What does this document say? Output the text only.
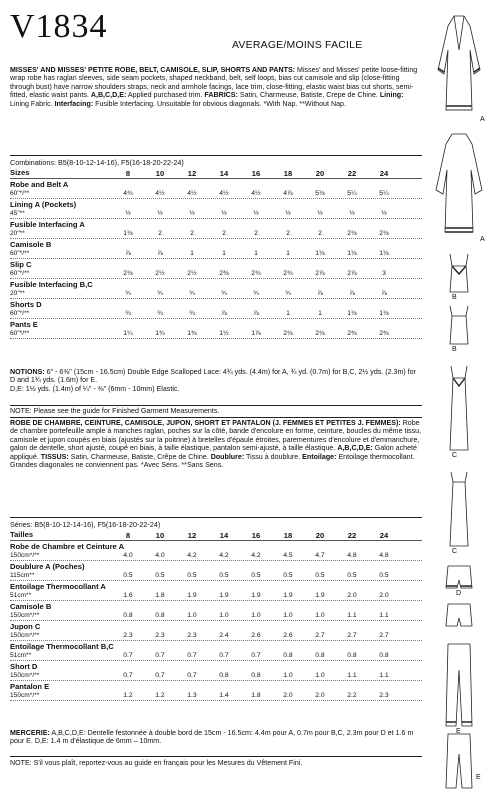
V1834	AVERAGE/MOINS FACILE
MISSES' AND MISSES' PETITE ROBE, BELT, CAMISOLE, SLIP, SHORTS AND PANTS: Misses' and Misses' petite loose-fitting wrap robe has raglan sleeves, side seam pockets, shaped neckband, belt, self loops, bias cut camisole and slip (close-fitting through bust) have narrow shoulders straps, neck and armhole facings, lace trim, close-fitting, elastic waist bias cut shorts, semi-fitted, elastic waist pants. A,B,C,D,E: Applied purchased trim. FABRICS: Satin, Charmeuse, Batiste, Crepe de Chine. Lining: Lining Fabric. Interfacing: Fusible Interfacing. Unsuitable for obvious diagonals. *With Nap. **Without Nap.
Combinations: B5(8-10-12-14-16), F5(16-18-20-22-24)
Sizes	8	10	12	14	16	18	20	22	24
Robe and Belt A
60"*/**	4¾	4½	4½	4½	4½	4⅞	5⅛	5¼	5¼
Lining A (Pockets)
45"**	½	½	½	½	½	½	½	½	½
Fusible Interfacing A
20"**	1⅛	2	2	2	2	2	2	2⅛	2⅛
Camisole B
60"*/**	⅞	⅞	1	1	1	1	1⅛	1⅛	1⅛
Slip C
60"*/**	2⅛	2½	2½	2⅜	2¾	2¾	2⅞	2⅞	3
Fusible Interfacing B,C
20"**	¾	¾	¾	¾	¾	¾	⅞	⅞	⅞
Shorts D
60"*/**	¾	¾	¾	⅞	⅞	1	1	1⅛	1⅛
Pants E
60"*/**	1¼	1¾	1⅜	1½	1⅞	2⅛	2⅛	2⅜	2⅜
NOTIONS: 6" - 6⅜" (15cm - 16.5cm) Double Edge Scalloped Lace: 4¾ yds. (4.4m) for A, ¾ yd. (0.7m) for B,C, 2½ yds. (2.3m) for D and 1¾ yds. (1.6m) for E.
D,E: 1½ yds. (1.4m) of ¼" - ⅜" (6mm - 10mm) Elastic.
NOTE: Please see the guide for Finished Garment Measurements.
ROBE DE CHAMBRE, CEINTURE, CAMISOLE, JUPON, SHORT ET PANTALON (J. FEMMES ET PETITES J. FEMMES): Robe de chambre portefeuille ample à manches raglan, poches sur la côté, bande d'encolure en forme, ceinture, boucles du même tissu, camisole et jupon coupés en biais (ajustés sur la poitrine) à bretelles d'épaule étroites, parementures d'encolure et d'emmanchure, galon de dentelle, short ajusté, coupé en biais, à taille élastique, pantalon semi-ajusté, à taille élastique. A,B,C,D,E: Galon acheté appliqué. TISSUS: Satin, Charmeuse, Batiste, Crêpe de Chine. Doublure: Tissu à doublure. Entoilage: Entoilage thermocollant. Grandes diagonales ne conviennent pas. *Avec Sens. **Sans Sens.
Séries: B5(8-10-12-14-16), F5(16-18-20-22-24)
Tailles	8	10	12	14	16	18	20	22	24
Robe de Chambre et Ceinture A
150cm*/**	4.0	4.0	4.2	4.2	4.2	4.5	4.7	4.8	4.8
Doublure A (Poches)
115cm**	0.5	0.5	0.5	0.5	0.5	0.5	0.5	0.5	0.5
Entoilage Thermocollant A
51cm**	1.6	1.8	1.9	1.9	1.9	1.9	1.9	2.0	2.0
Camisole B
150cm*/**	0.8	0.8	1.0	1.0	1.0	1.0	1.0	1.1	1.1
Jupon C
150cm*/**	2.3	2.3	2.3	2.4	2.6	2.6	2.7	2.7	2.7
Entoilage Thermocollant B,C
51cm**	0.7	0.7	0.7	0.7	0.7	0.8	0.8	0.8	0.8
Short D
150cm*/**	0.7	0.7	0.7	0.8	0.8	1.0	1.0	1.1	1.1
Pantalon E
150cm*/**	1.2	1.2	1.3	1.4	1.8	2.0	2.0	2.2	2.3
MERCERIE: A,B,C,D,E: Dentelle festonnée à double bord de 15cm - 16.5cm: 4.4m pour A, 0.7m pour B,C, 2.3m pour D et 1.6 m pour E. D,E: 1.4 m d'élastique de 6mm – 10mm.
NOTE: S'il vous plaît, reportez-vous au guide en français pour les Mesures du Vêtement Fini.
A
A
B
B
C
C
D
E
E
